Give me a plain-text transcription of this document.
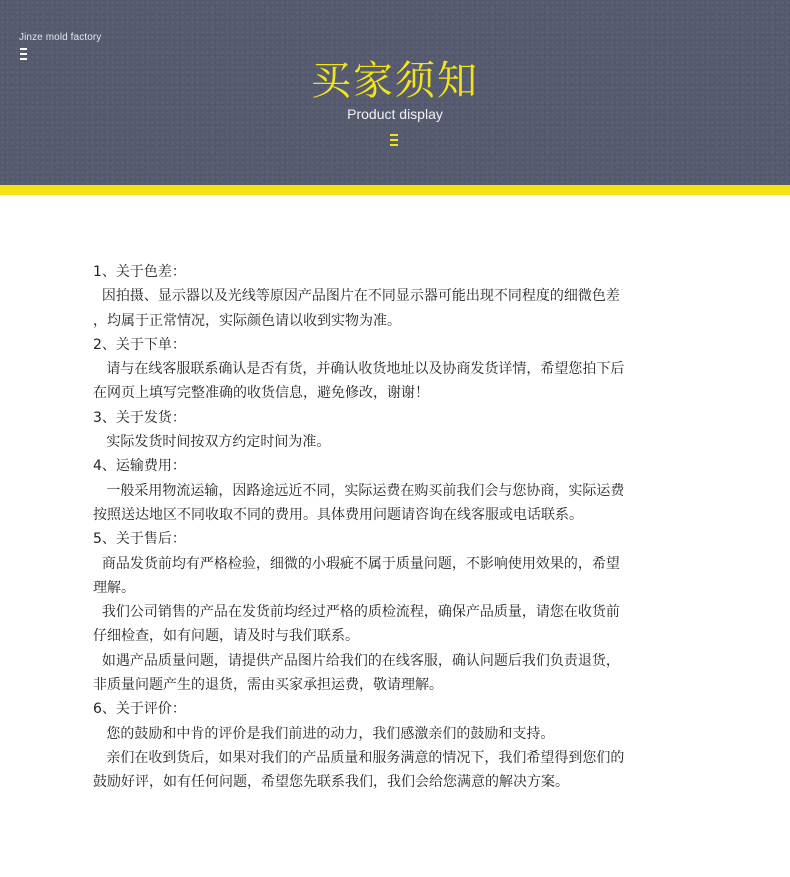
Jinze mold factory
买家须知
Product display

1、关于色差：

因拍摄、显示器以及光线等原因产品图片在不同显示器可能出现不同程度的细微色差

，均属于正常情况，实际颜色请以收到实物为准。

2、关于下单：

请与在线客服联系确认是否有货，并确认收货地址以及协商发货详情，希望您拍下后

在网页上填写完整准确的收货信息，避免修改，谢谢！

3、关于发货：

实际发货时间按双方约定时间为准。

4、运输费用：

一般采用物流运输，因路途远近不同，实际运费在购买前我们会与您协商，实际运费

按照送达地区不同收取不同的费用。具体费用问题请咨询在线客服或电话联系。

5、关于售后：

商品发货前均有严格检验，细微的小瑕疵不属于质量问题，不影响使用效果的，希望

理解。

我们公司销售的产品在发货前均经过严格的质检流程，确保产品质量，请您在收货前

仔细检查，如有问题，请及时与我们联系。

如遇产品质量问题，请提供产品图片给我们的在线客服，确认问题后我们负责退货，

非质量问题产生的退货，需由买家承担运费，敬请理解。

6、关于评价：

您的鼓励和中肯的评价是我们前进的动力，我们感激亲们的鼓励和支持。

亲们在收到货后，如果对我们的产品质量和服务满意的情况下，我们希望得到您们的

鼓励好评，如有任何问题，希望您先联系我们，我们会给您满意的解决方案。
